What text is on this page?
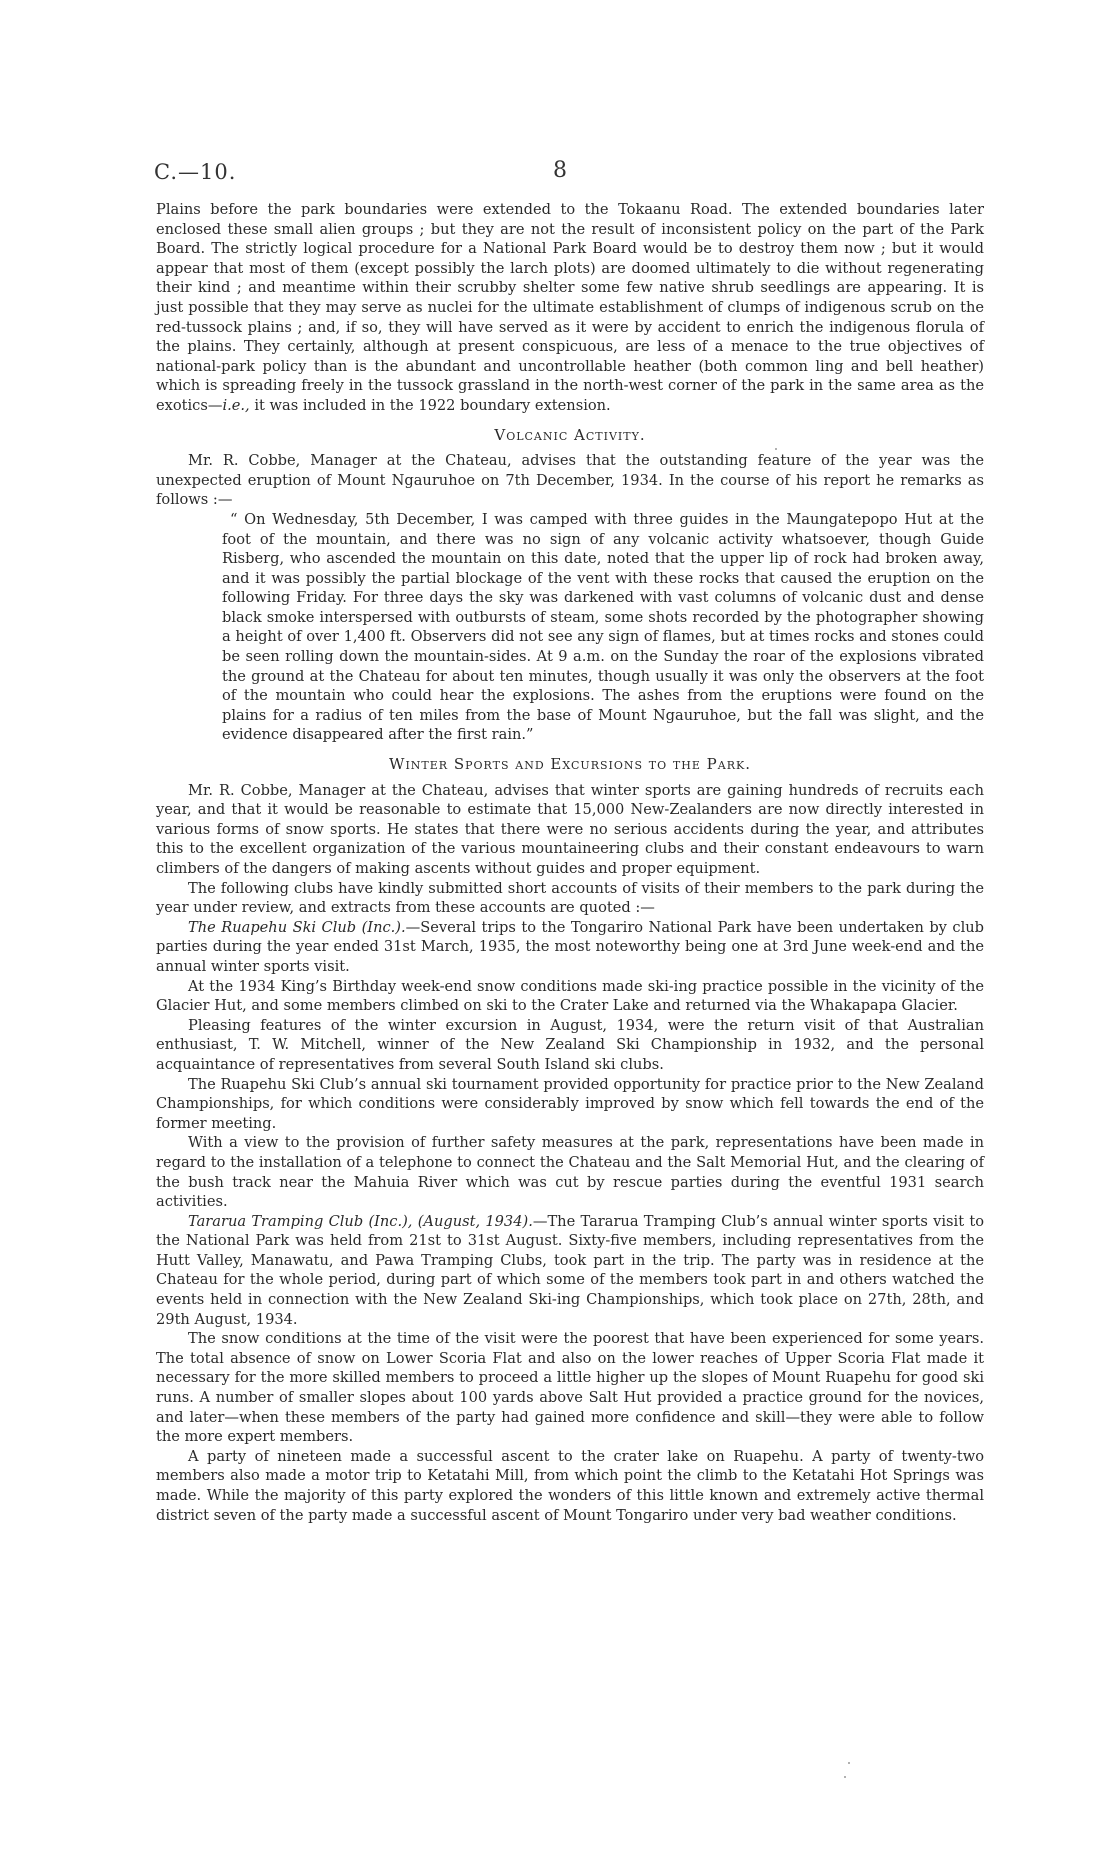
C.—10.	8

Plains before the park boundaries were extended to the Tokaanu Road. The extended boundaries later enclosed these small alien groups ; but they are not the result of inconsistent policy on the part of the Park Board. The strictly logical procedure for a National Park Board would be to destroy them now ; but it would appear that most of them (except possibly the larch plots) are doomed ultimately to die without regenerating their kind ; and meantime within their scrubby shelter some few native shrub seedlings are appearing. It is just possible that they may serve as nuclei for the ultimate establishment of clumps of indigenous scrub on the red-tussock plains ; and, if so, they will have served as it were by accident to enrich the indigenous florula of the plains. They certainly, although at present conspicuous, are less of a menace to the true objectives of national-park policy than is the abundant and uncontrollable heather (both common ling and bell heather) which is spreading freely in the tussock grassland in the north-west corner of the park in the same area as the exotics—i.e., it was included in the 1922 boundary extension.

Volcanic Activity.

Mr. R. Cobbe, Manager at the Chateau, advises that the outstanding feature of the year was the unexpected eruption of Mount Ngauruhoe on 7th December, 1934. In the course of his report he remarks as follows :—

“ On Wednesday, 5th December, I was camped with three guides in the Maungatepopo Hut at the foot of the mountain, and there was no sign of any volcanic activity whatsoever, though Guide Risberg, who ascended the mountain on this date, noted that the upper lip of rock had broken away, and it was possibly the partial blockage of the vent with these rocks that caused the eruption on the following Friday. For three days the sky was darkened with vast columns of volcanic dust and dense black smoke interspersed with outbursts of steam, some shots recorded by the photographer showing a height of over 1,400 ft. Observers did not see any sign of flames, but at times rocks and stones could be seen rolling down the mountain-sides. At 9 a.m. on the Sunday the roar of the explosions vibrated the ground at the Chateau for about ten minutes, though usually it was only the observers at the foot of the mountain who could hear the explosions. The ashes from the eruptions were found on the plains for a radius of ten miles from the base of Mount Ngauruhoe, but the fall was slight, and the evidence disappeared after the first rain.”

Winter Sports and Excursions to the Park.

Mr. R. Cobbe, Manager at the Chateau, advises that winter sports are gaining hundreds of recruits each year, and that it would be reasonable to estimate that 15,000 New-Zealanders are now directly interested in various forms of snow sports. He states that there were no serious accidents during the year, and attributes this to the excellent organization of the various mountaineering clubs and their constant endeavours to warn climbers of the dangers of making ascents without guides and proper equipment.

The following clubs have kindly submitted short accounts of visits of their members to the park during the year under review, and extracts from these accounts are quoted :—

The Ruapehu Ski Club (Inc.).—Several trips to the Tongariro National Park have been undertaken by club parties during the year ended 31st March, 1935, the most noteworthy being one at 3rd June week-end and the annual winter sports visit.

At the 1934 King’s Birthday week-end snow conditions made ski-ing practice possible in the vicinity of the Glacier Hut, and some members climbed on ski to the Crater Lake and returned via the Whakapapa Glacier.

Pleasing features of the winter excursion in August, 1934, were the return visit of that Australian enthusiast, T. W. Mitchell, winner of the New Zealand Ski Championship in 1932, and the personal acquaintance of representatives from several South Island ski clubs.

The Ruapehu Ski Club’s annual ski tournament provided opportunity for practice prior to the New Zealand Championships, for which conditions were considerably improved by snow which fell towards the end of the former meeting.

With a view to the provision of further safety measures at the park, representations have been made in regard to the installation of a telephone to connect the Chateau and the Salt Memorial Hut, and the clearing of the bush track near the Mahuia River which was cut by rescue parties during the eventful 1931 search activities.

Tararua Tramping Club (Inc.), (August, 1934).—The Tararua Tramping Club’s annual winter sports visit to the National Park was held from 21st to 31st August. Sixty-five members, including representatives from the Hutt Valley, Manawatu, and Pawa Tramping Clubs, took part in the trip. The party was in residence at the Chateau for the whole period, during part of which some of the members took part in and others watched the events held in connection with the New Zealand Ski-ing Championships, which took place on 27th, 28th, and 29th August, 1934.

The snow conditions at the time of the visit were the poorest that have been experienced for some years. The total absence of snow on Lower Scoria Flat and also on the lower reaches of Upper Scoria Flat made it necessary for the more skilled members to proceed a little higher up the slopes of Mount Ruapehu for good ski runs. A number of smaller slopes about 100 yards above Salt Hut provided a practice ground for the novices, and later—when these members of the party had gained more confidence and skill—they were able to follow the more expert members.

A party of nineteen made a successful ascent to the crater lake on Ruapehu. A party of twenty-two members also made a motor trip to Ketatahi Mill, from which point the climb to the Ketatahi Hot Springs was made. While the majority of this party explored the wonders of this little known and extremely active thermal district seven of the party made a successful ascent of Mount Tongariro under very bad weather conditions.
